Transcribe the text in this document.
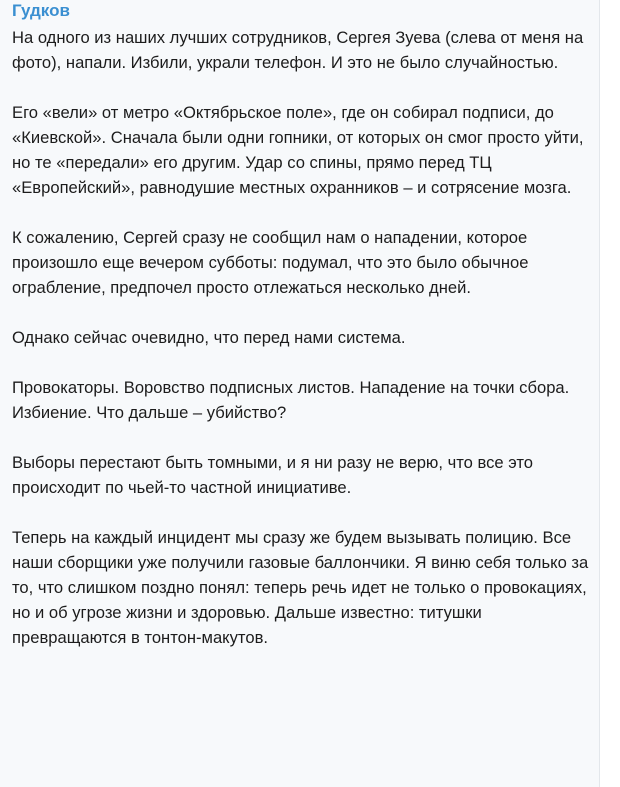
Гудков

На одного из наших лучших сотрудников, Сергея Зуева (слева от меня на фото), напали. Избили, украли телефон. И это не было случайностью.

Его «вели» от метро «Октябрьское поле», где он собирал подписи, до «Киевской». Сначала были одни гопники, от которых он смог просто уйти, но те «передали» его другим. Удар со спины, прямо перед ТЦ «Европейский», равнодушие местных охранников – и сотрясение мозга.

К сожалению, Сергей сразу не сообщил нам о нападении, которое произошло еще вечером субботы: подумал, что это было обычное ограбление, предпочел просто отлежаться несколько дней.

Однако сейчас очевидно, что перед нами система.

Провокаторы. Воровство подписных листов. Нападение на точки сбора. Избиение. Что дальше – убийство?

Выборы перестают быть томными, и я ни разу не верю, что все это происходит по чьей-то частной инициативе.

Теперь на каждый инцидент мы сразу же будем вызывать полицию. Все наши сборщики уже получили газовые баллончики. Я виню себя только за то, что слишком поздно понял: теперь речь идет не только о провокациях, но и об угрозе жизни и здоровью. Дальше известно: титушки превращаются в тонтон-макутов.
